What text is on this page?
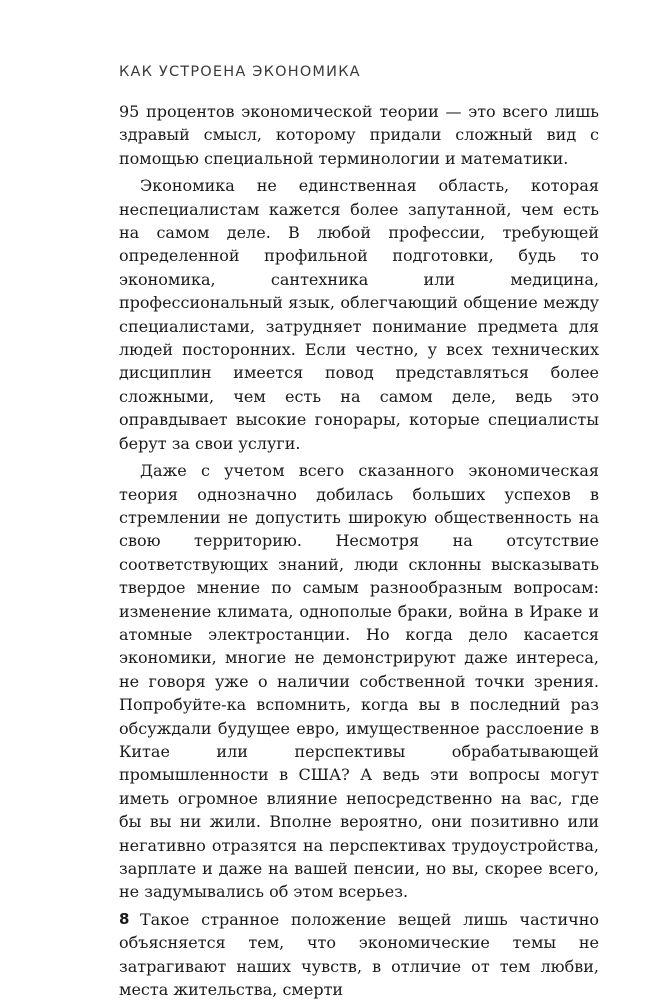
КАК УСТРОЕНА ЭКОНОМИКА

95 процентов экономической теории — это всего лишь здравый смысл, которому придали сложный вид с помощью специальной терминологии и математики.

Экономика не единственная область, которая неспециалистам кажется более запутанной, чем есть на самом деле. В любой профессии, требующей определенной профильной подготовки, будь то экономика, сантехника или медицина, профессиональный язык, облегчающий общение между специалистами, затрудняет понимание предмета для людей посторонних. Если честно, у всех технических дисциплин имеется повод представляться более сложными, чем есть на самом деле, ведь это оправдывает высокие гонорары, которые специалисты берут за свои услуги.

Даже с учетом всего сказанного экономическая теория однозначно добилась больших успехов в стремлении не допустить широкую общественность на свою территорию. Несмотря на отсутствие соответствующих знаний, люди склонны высказывать твердое мнение по самым разнообразным вопросам: изменение климата, однополые браки, война в Ираке и атомные электростанции. Но когда дело касается экономики, многие не демонстрируют даже интереса, не говоря уже о наличии собственной точки зрения. Попробуйте-ка вспомнить, когда вы в последний раз обсуждали будущее евро, имущественное расслоение в Китае или перспективы обрабатывающей промышленности в США? А ведь эти вопросы могут иметь огромное влияние непосредственно на вас, где бы вы ни жили. Вполне вероятно, они позитивно или негативно отразятся на перспективах трудоустройства, зарплате и даже на вашей пенсии, но вы, скорее всего, не задумывались об этом всерьез.

Такое странное положение вещей лишь частично объясняется тем, что экономические темы не затрагивают наших чувств, в отличие от тем любви, места жительства, смерти

8
